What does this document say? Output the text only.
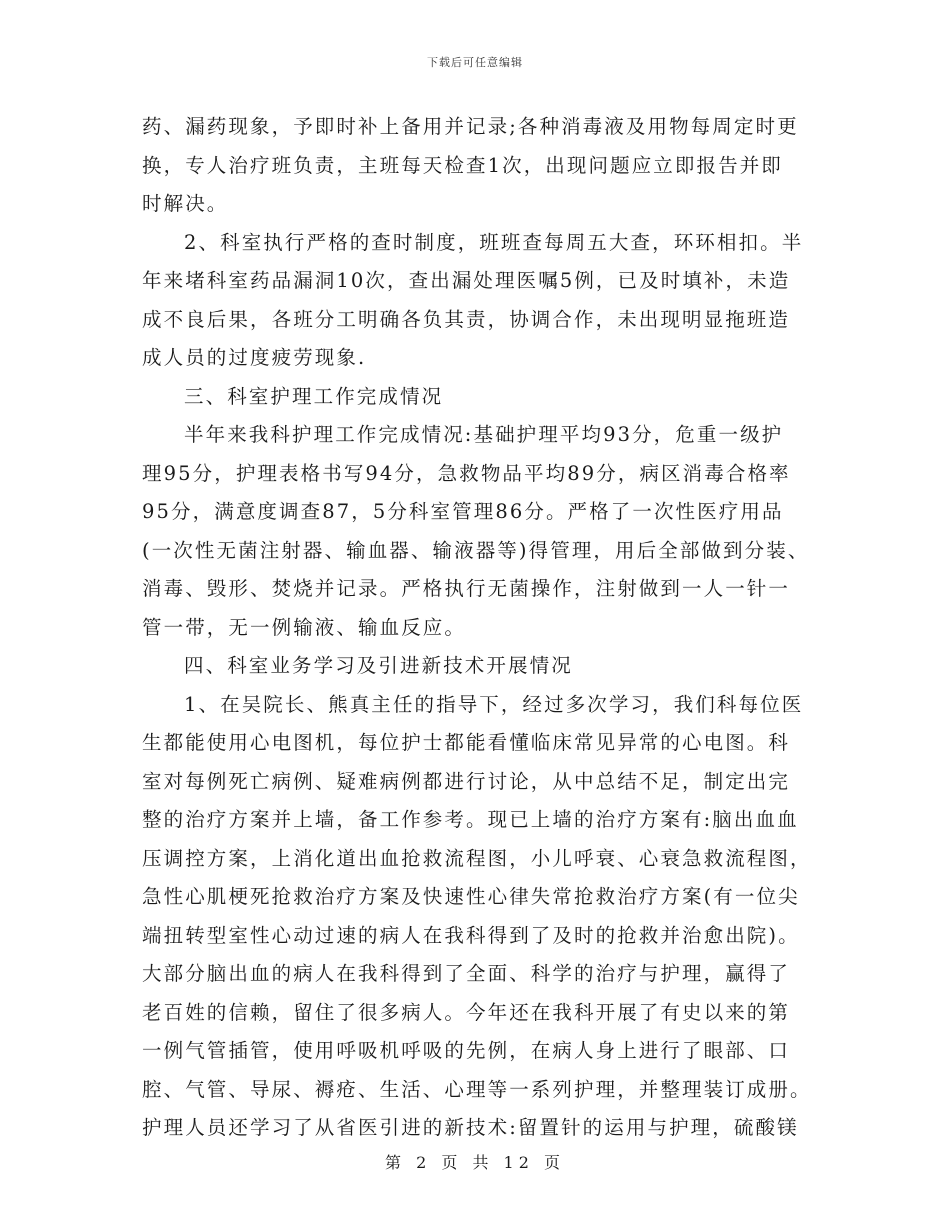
下载后可任意编辑
药、漏药现象，予即时补上备用并记录;各种消毒液及用物每周定时更
换，专人治疗班负责，主班每天检查1次，出现问题应立即报告并即
时解决。
2、科室执行严格的查时制度，班班查每周五大查，环环相扣。半
年来堵科室药品漏洞10次，查出漏处理医嘱5例，已及时填补，未造
成不良后果，各班分工明确各负其责，协调合作，未出现明显拖班造
成人员的过度疲劳现象.
三、科室护理工作完成情况
半年来我科护理工作完成情况:基础护理平均93分，危重一级护
理95分，护理表格书写94分，急救物品平均89分，病区消毒合格率
95分，满意度调查87，5分科室管理86分。严格了一次性医疗用品
(一次性无菌注射器、输血器、输液器等)得管理，用后全部做到分装、
消毒、毁形、焚烧并记录。严格执行无菌操作，注射做到一人一针一
管一带，无一例输液、输血反应。
四、科室业务学习及引进新技术开展情况
1、在吴院长、熊真主任的指导下，经过多次学习，我们科每位医
生都能使用心电图机，每位护士都能看懂临床常见异常的心电图。科
室对每例死亡病例、疑难病例都进行讨论，从中总结不足，制定出完
整的治疗方案并上墙，备工作参考。现已上墙的治疗方案有:脑出血血
压调控方案，上消化道出血抢救流程图，小儿呼衰、心衰急救流程图，
急性心肌梗死抢救治疗方案及快速性心律失常抢救治疗方案(有一位尖
端扭转型室性心动过速的病人在我科得到了及时的抢救并治愈出院)。
大部分脑出血的病人在我科得到了全面、科学的治疗与护理，赢得了
老百姓的信赖，留住了很多病人。今年还在我科开展了有史以来的第
一例气管插管，使用呼吸机呼吸的先例，在病人身上进行了眼部、口
腔、气管、导尿、褥疮、生活、心理等一系列护理，并整理装订成册。
护理人员还学习了从省医引进的新技术:留置针的运用与护理，硫酸镁
第 2 页 共 12 页
